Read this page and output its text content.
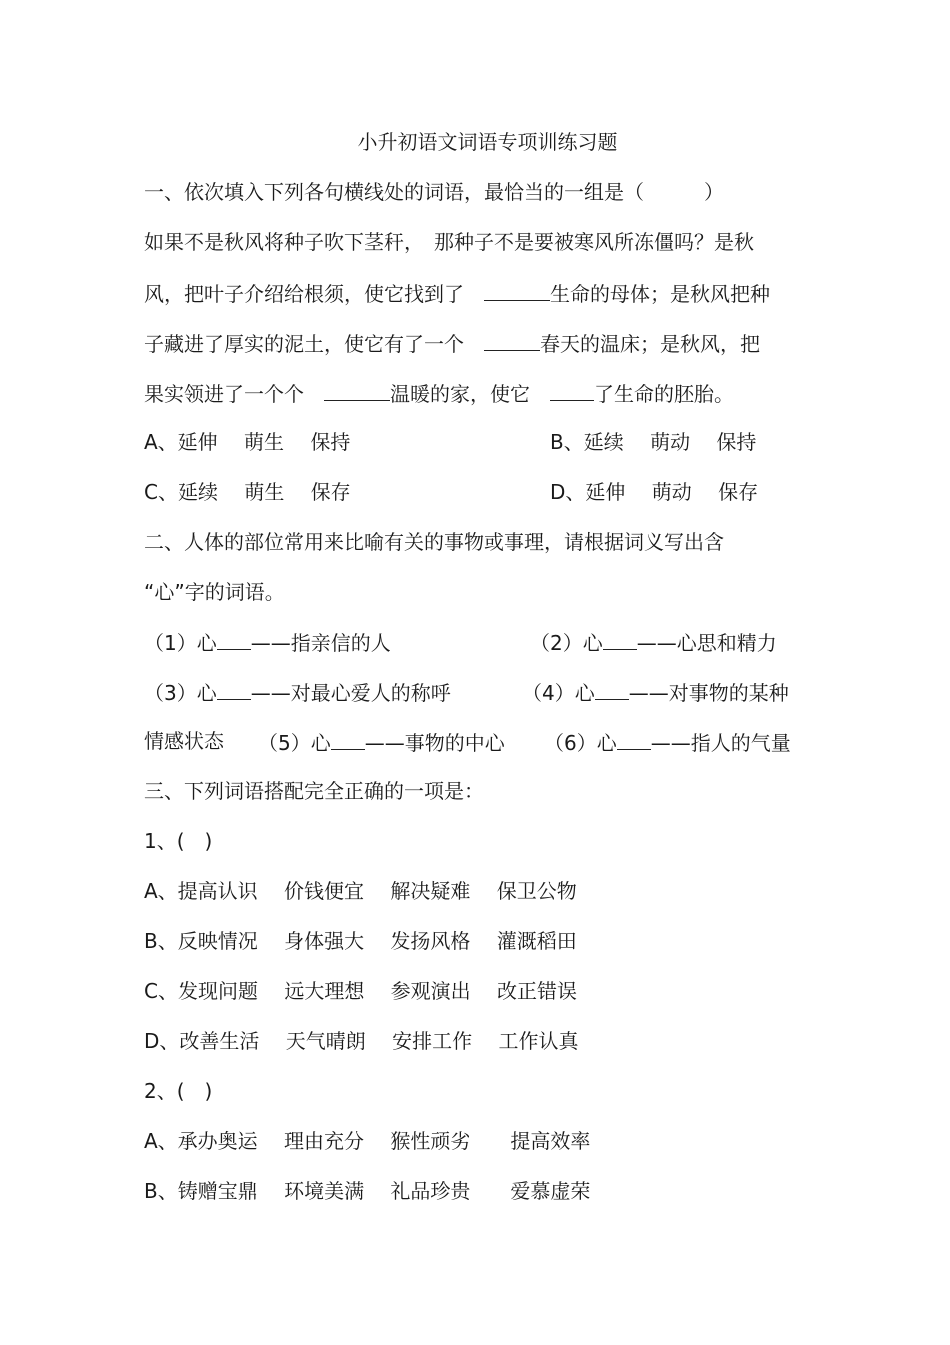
小升初语文词语专项训练习题
一、依次填入下列各句横线处的词语，最恰当的一组是（　　　）
如果不是秋风将种子吹下茎秆，　那种子不是要被寒风所冻僵吗？是秋
风，把叶子介绍给根须，使它找到了　	生命的母体；是秋风把种
子藏进了厚实的泥土，使它有了一个　	春天的温床；是秋风，把
果实领进了一个个　	温暖的家，使它　了生命的胚胎。
A、延伸　 萌生　 保持	B、延续　 萌动　 保持
C、延续　 萌生　 保存	D、延伸　 萌动　 保存
二、人体的部位常用来比喻有关的事物或事理，请根据词义写出含
“心”字的词语。
（1）心 ——指亲信的人	（2）心 ——心思和精力
（3）心 ——对最心爱人的称呼	（4）心 ——对事物的某种
情感状态 （5）心 ——事物的中心 （6）心 ——指人的气量
三、下列词语搭配完全正确的一项是：
1、(　)
A、提高认识　 价钱便宜　 解决疑难　 保卫公物
B、反映情况　 身体强大　 发扬风格　 灌溉稻田
C、发现问题　 远大理想　 参观演出　 改正错误
D、改善生活　 天气晴朗　 安排工作　 工作认真
2、(　)
A、承办奥运　 理由充分　 猴性顽劣　　提高效率
B、铸赠宝鼎　 环境美满　 礼品珍贵　　爱慕虚荣
